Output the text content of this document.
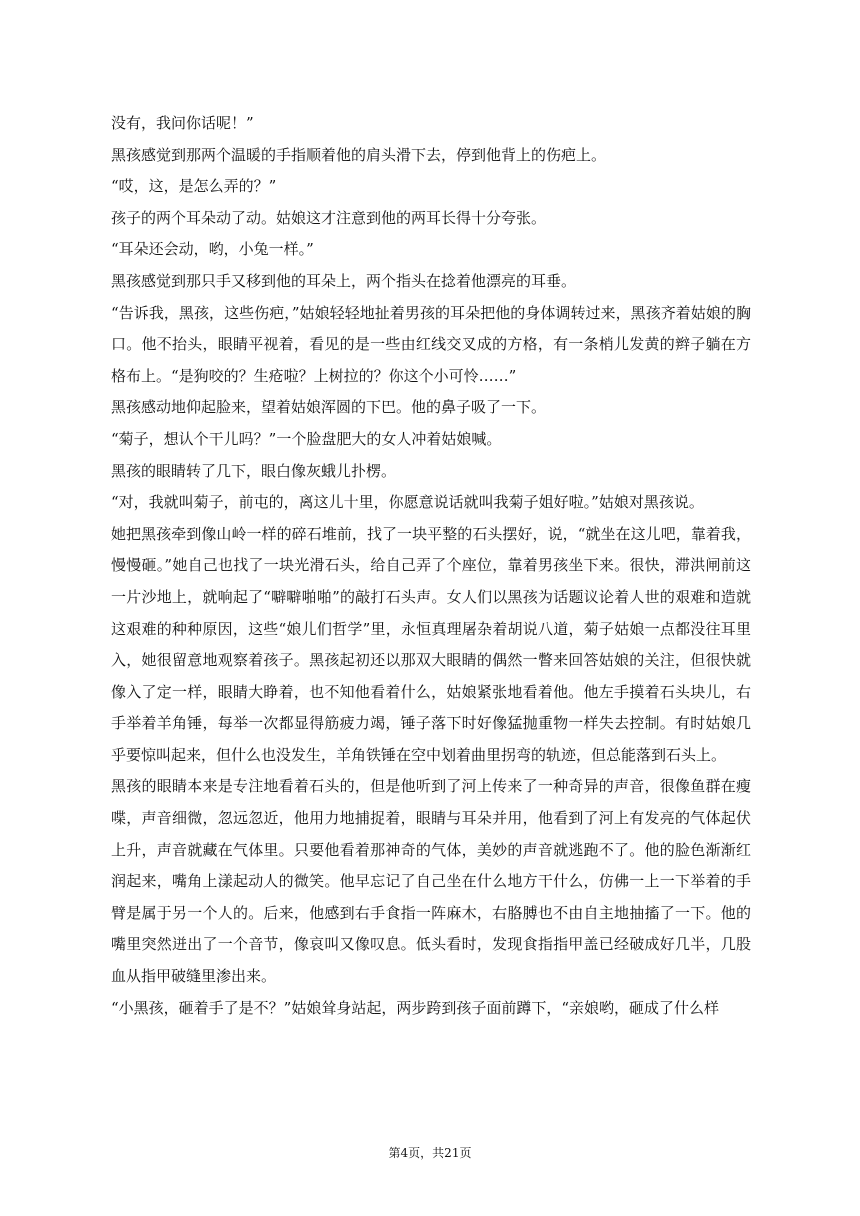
没有，我问你话呢！”

黑孩感觉到那两个温暖的手指顺着他的肩头滑下去，停到他背上的伤疤上。

“哎，这，是怎么弄的？”

孩子的两个耳朵动了动。姑娘这才注意到他的两耳长得十分夸张。

“耳朵还会动，哟，小兔一样。”

黑孩感觉到那只手又移到他的耳朵上，两个指头在捻着他漂亮的耳垂。

“告诉我，黑孩，这些伤疤，”姑娘轻轻地扯着男孩的耳朵把他的身体调转过来，黑孩齐着姑娘的胸口。他不抬头，眼睛平视着，看见的是一些由红线交叉成的方格，有一条梢儿发黄的辫子躺在方格布上。“是狗咬的？生疮啦？上树拉的？你这个小可怜……”

黑孩感动地仰起脸来，望着姑娘浑圆的下巴。他的鼻子吸了一下。

“菊子，想认个干儿吗？”一个脸盘肥大的女人冲着姑娘喊。

黑孩的眼睛转了几下，眼白像灰蛾儿扑楞。

“对，我就叫菊子，前屯的，离这儿十里，你愿意说话就叫我菊子姐好啦。”姑娘对黑孩说。

她把黑孩牵到像山岭一样的碎石堆前，找了一块平整的石头摆好，说，“就坐在这儿吧，靠着我，慢慢砸。”她自己也找了一块光滑石头，给自己弄了个座位，靠着男孩坐下来。很快，滞洪闸前这一片沙地上，就响起了“噼噼啪啪”的敲打石头声。女人们以黑孩为话题议论着人世的艰难和造就这艰难的种种原因，这些“娘儿们哲学”里，永恒真理屠杂着胡说八道，菊子姑娘一点都没往耳里入，她很留意地观察着孩子。黑孩起初还以那双大眼睛的偶然一瞥来回答姑娘的关注，但很快就像入了定一样，眼睛大睁着，也不知他看着什么，姑娘紧张地看着他。他左手摸着石头块儿，右手举着羊角锤，每举一次都显得筋疲力竭，锤子落下时好像猛抛重物一样失去控制。有时姑娘几乎要惊叫起来，但什么也没发生，羊角铁锤在空中划着曲里拐弯的轨迹，但总能落到石头上。

黑孩的眼睛本来是专注地看着石头的，但是他听到了河上传来了一种奇异的声音，很像鱼群在瘦喋，声音细微，忽远忽近，他用力地捕捉着，眼睛与耳朵并用，他看到了河上有发亮的气体起伏上升，声音就藏在气体里。只要他看着那神奇的气体，美妙的声音就逃跑不了。他的脸色渐渐红润起来，嘴角上漾起动人的微笑。他早忘记了自己坐在什么地方干什么，仿佛一上一下举着的手臂是属于另一个人的。后来，他感到右手食指一阵麻木，右胳膊也不由自主地抽搐了一下。他的嘴里突然迸出了一个音节，像哀叫又像叹息。低头看时，发现食指指甲盖已经破成好几半，几股血从指甲破缝里渗出来。

“小黑孩，砸着手了是不？”姑娘耸身站起，两步跨到孩子面前蹲下，“亲娘哟，砸成了什么样

第4页，共21页
